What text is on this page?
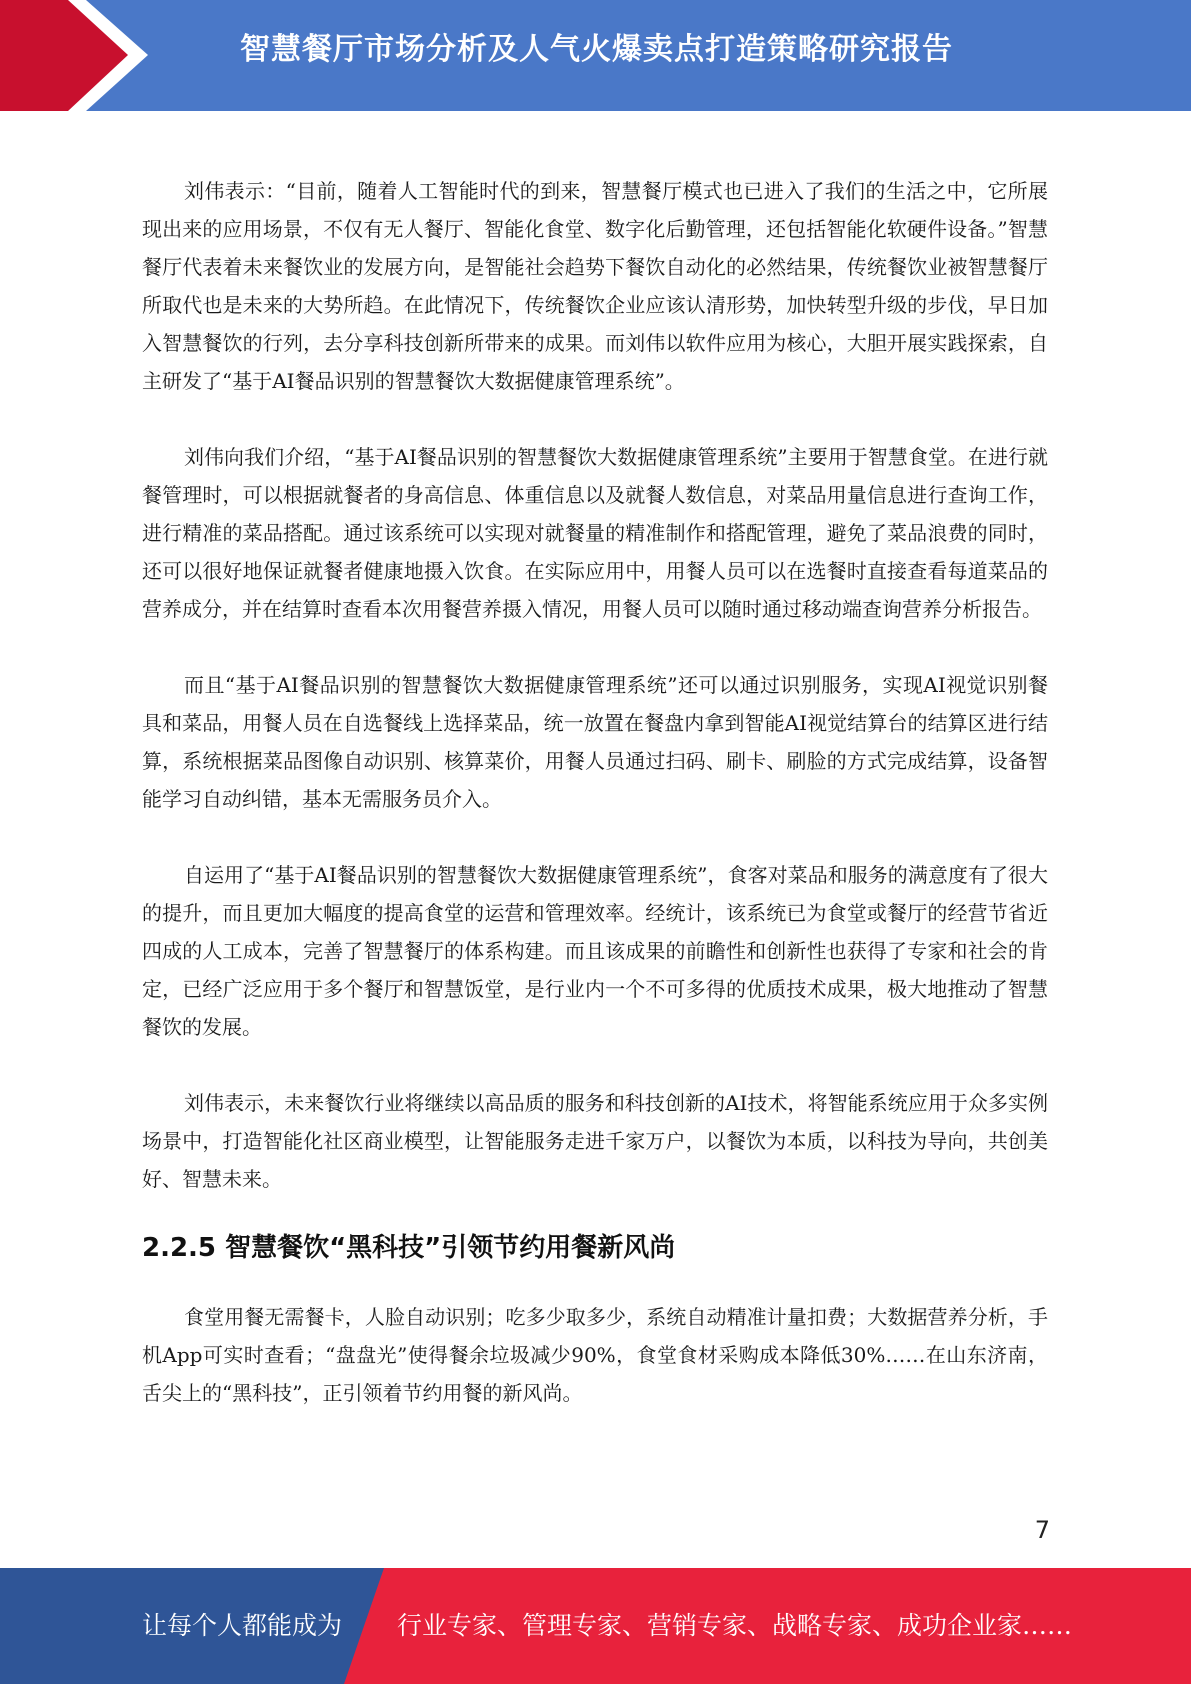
智慧餐厅市场分析及人气火爆卖点打造策略研究报告

刘伟表示：“目前，随着人工智能时代的到来，智慧餐厅模式也已进入了我们的生活之中，它所展现出来的应用场景，不仅有无人餐厅、智能化食堂、数字化后勤管理，还包括智能化软硬件设备。”智慧餐厅代表着未来餐饮业的发展方向，是智能社会趋势下餐饮自动化的必然结果，传统餐饮业被智慧餐厅所取代也是未来的大势所趋。在此情况下，传统餐饮企业应该认清形势，加快转型升级的步伐，早日加入智慧餐饮的行列，去分享科技创新所带来的成果。而刘伟以软件应用为核心，大胆开展实践探索，自主研发了“基于AI餐品识别的智慧餐饮大数据健康管理系统”。

刘伟向我们介绍，“基于AI餐品识别的智慧餐饮大数据健康管理系统”主要用于智慧食堂。在进行就餐管理时，可以根据就餐者的身高信息、体重信息以及就餐人数信息，对菜品用量信息进行查询工作，进行精准的菜品搭配。通过该系统可以实现对就餐量的精准制作和搭配管理，避免了菜品浪费的同时，还可以很好地保证就餐者健康地摄入饮食。在实际应用中，用餐人员可以在选餐时直接查看每道菜品的营养成分，并在结算时查看本次用餐营养摄入情况，用餐人员可以随时通过移动端查询营养分析报告。

而且“基于AI餐品识别的智慧餐饮大数据健康管理系统”还可以通过识别服务，实现AI视觉识别餐具和菜品，用餐人员在自选餐线上选择菜品，统一放置在餐盘内拿到智能AI视觉结算台的结算区进行结算，系统根据菜品图像自动识别、核算菜价，用餐人员通过扫码、刷卡、刷脸的方式完成结算，设备智能学习自动纠错，基本无需服务员介入。

自运用了“基于AI餐品识别的智慧餐饮大数据健康管理系统”，食客对菜品和服务的满意度有了很大的提升，而且更加大幅度的提高食堂的运营和管理效率。经统计，该系统已为食堂或餐厅的经营节省近四成的人工成本，完善了智慧餐厅的体系构建。而且该成果的前瞻性和创新性也获得了专家和社会的肯定，已经广泛应用于多个餐厅和智慧饭堂，是行业内一个不可多得的优质技术成果，极大地推动了智慧餐饮的发展。

刘伟表示，未来餐饮行业将继续以高品质的服务和科技创新的AI技术，将智能系统应用于众多实例场景中，打造智能化社区商业模型，让智能服务走进千家万户，以餐饮为本质，以科技为导向，共创美好、智慧未来。

2.2.5 智慧餐饮“黑科技”引领节约用餐新风尚

食堂用餐无需餐卡，人脸自动识别；吃多少取多少，系统自动精准计量扣费；大数据营养分析，手机App可实时查看；“盘盘光”使得餐余垃圾减少90%，食堂食材采购成本降低30%……在山东济南，舌尖上的“黑科技”，正引领着节约用餐的新风尚。

7
让每个人都能成为 行业专家、管理专家、营销专家、战略专家、成功企业家……
